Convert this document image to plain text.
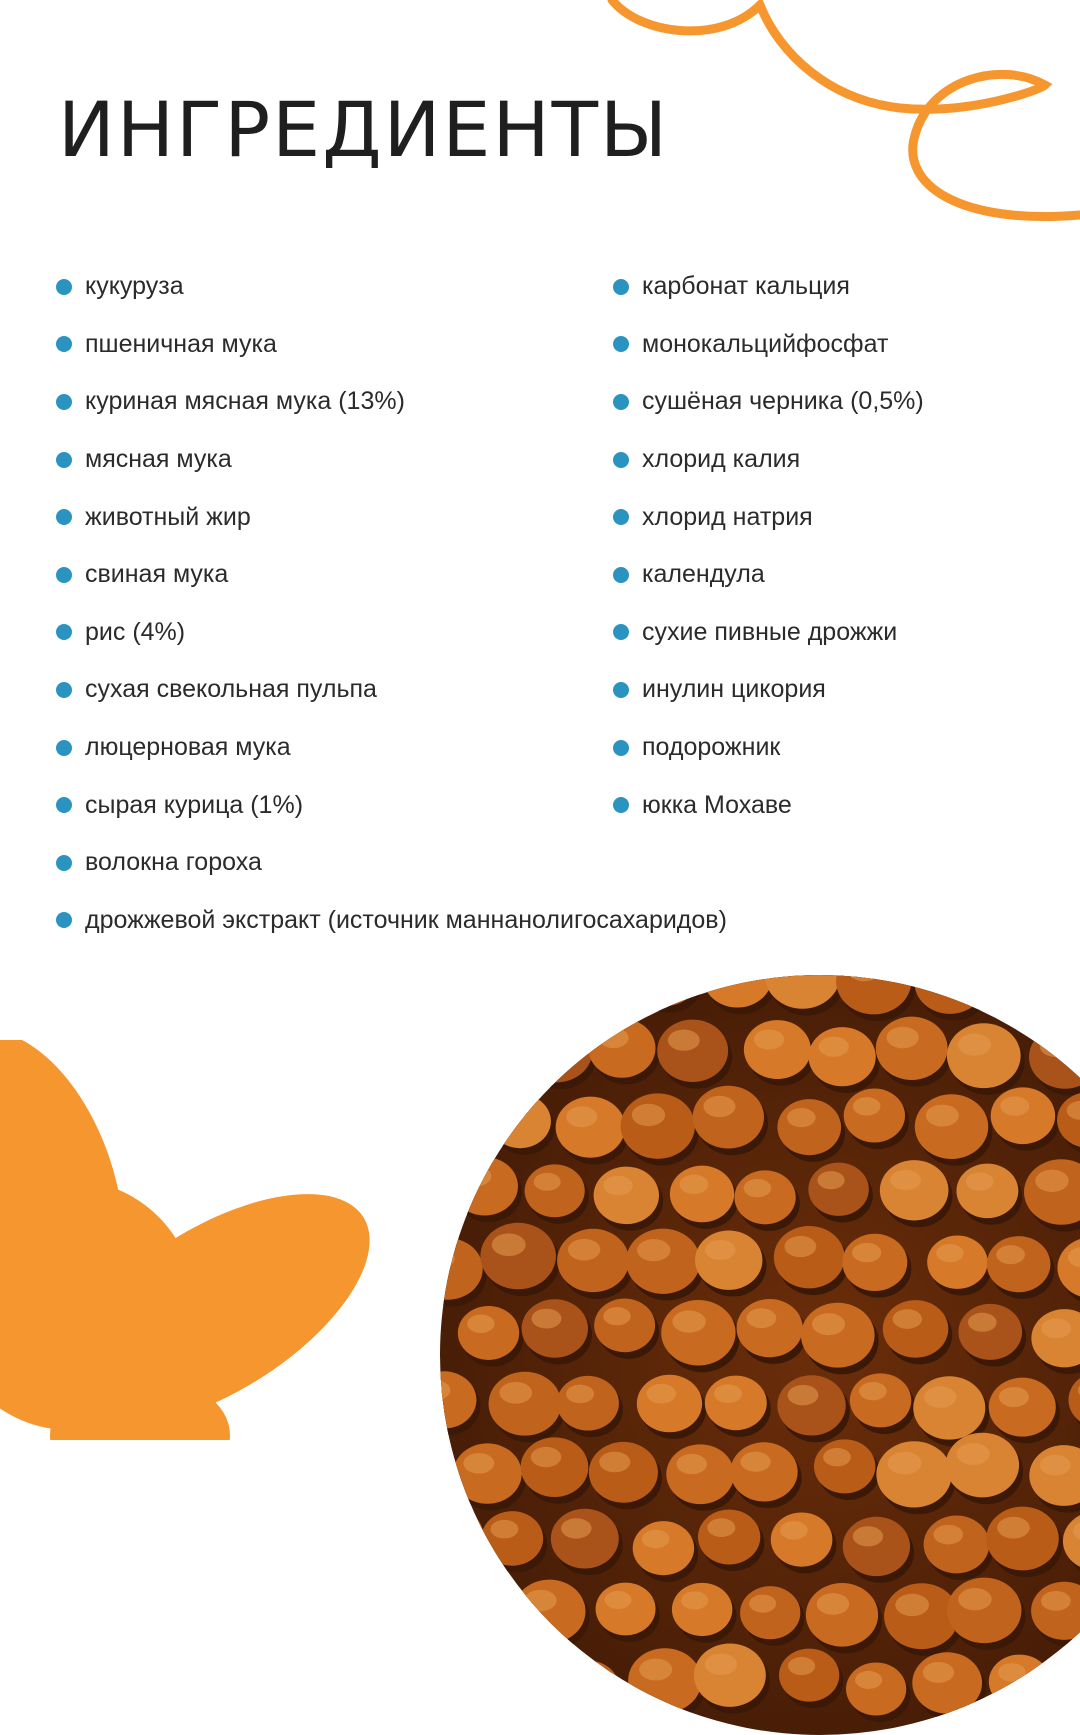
ИНГРЕДИЕНТЫ
кукуруза
пшеничная мука
куриная мясная мука (13%)
мясная мука
животный жир
свиная мука
рис (4%)
сухая свекольная пульпа
люцерновая мука
сырая курица (1%)
волокна гороха
дрожжевой экстракт (источник маннанолигосахаридов)
карбонат кальция
монокальцийфосфат
сушёная черника (0,5%)
хлорид калия
хлорид натрия
календула
сухие пивные дрожжи
инулин цикория
подорожник
юкка Мохаве
